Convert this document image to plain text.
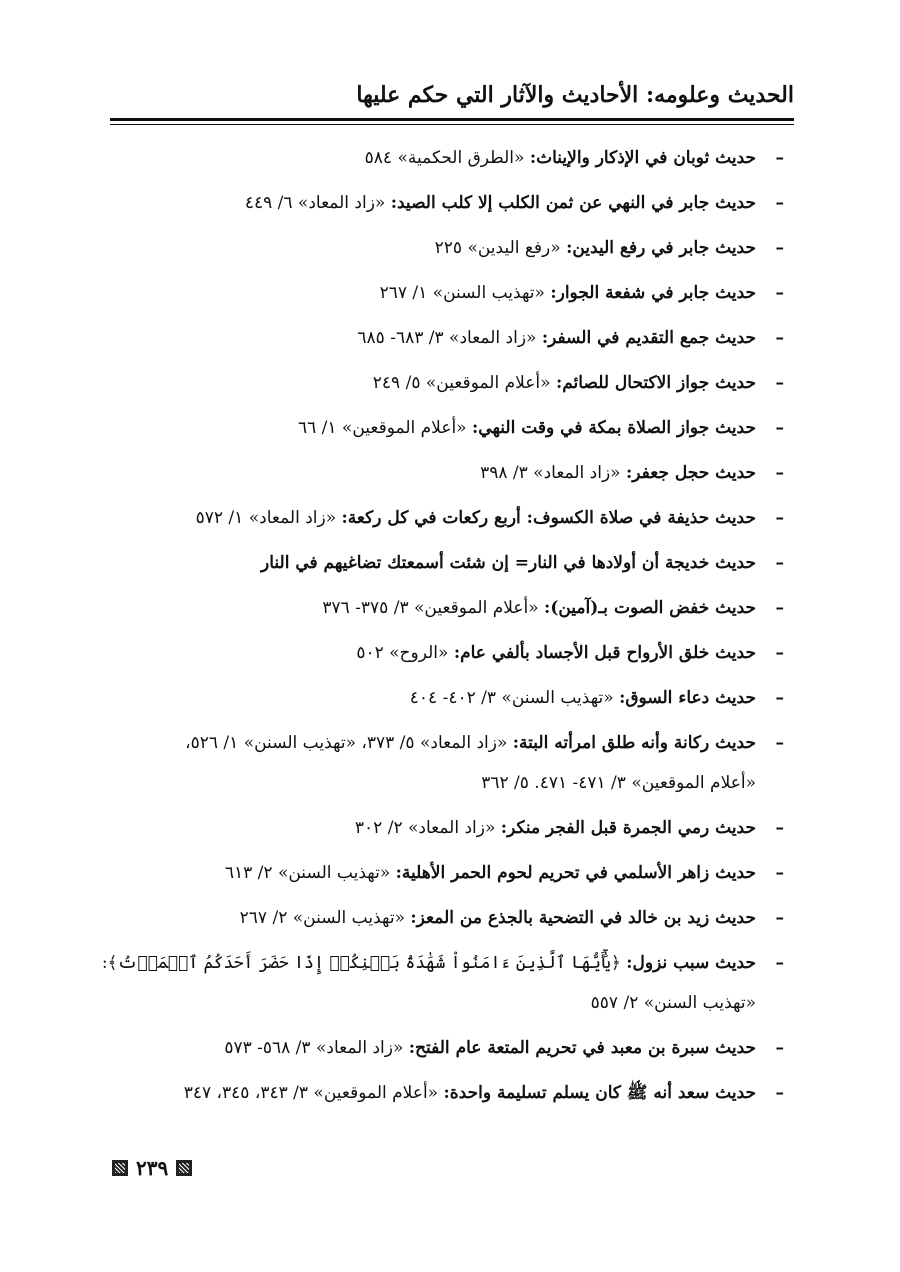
الحديث وعلومه: الأحاديث والآثار التي حكم عليها
–
حديث ثوبان في الإذكار والإيناث: «الطرق الحكمية» ٥٨٤
–
حديث جابر في النهي عن ثمن الكلب إلا كلب الصيد: «زاد المعاد» ٦/ ٤٤٩
–
حديث جابر في رفع اليدين: «رفع اليدين» ٢٢٥
–
حديث جابر في شفعة الجوار: «تهذيب السنن» ١/ ٢٦٧
–
حديث جمع التقديم في السفر: «زاد المعاد» ٣/ ٦٨٣- ٦٨٥
–
حديث جواز الاكتحال للصائم: «أعلام الموقعين» ٥/ ٢٤٩
–
حديث جواز الصلاة بمكة في وقت النهي: «أعلام الموقعين» ١/ ٦٦
–
حديث حجل جعفر: «زاد المعاد» ٣/ ٣٩٨
–
حديث حذيفة في صلاة الكسوف: أربع ركعات في كل ركعة: «زاد المعاد» ١/ ٥٧٢
–
حديث خديجة أن أولادها في النار= إن شئت أسمعتك تضاغيهم في النار
–
حديث خفض الصوت بـ(آمين): «أعلام الموقعين» ٣/ ٣٧٥- ٣٧٦
–
حديث خلق الأرواح قبل الأجساد بألفي عام: «الروح» ٥٠٢
–
حديث دعاء السوق: «تهذيب السنن» ٣/ ٤٠٢- ٤٠٤
–
حديث ركانة وأنه طلق امرأته البتة: «زاد المعاد» ٥/ ٣٧٣، «تهذيب السنن» ١/ ٥٢٦،
«أعلام الموقعين» ٣/ ٤٧١- ٤٧١. ٥/ ٣٦٢
–
حديث رمي الجمرة قبل الفجر منكر: «زاد المعاد» ٢/ ٣٠٢
–
حديث زاهر الأسلمي في تحريم لحوم الحمر الأهلية: «تهذيب السنن» ٢/ ٦١٣
–
حديث زيد بن خالد في التضحية بالجذع من المعز: «تهذيب السنن» ٢/ ٢٦٧
–
حديث سبب نزول: ﴿يَٰٓأَيُّهَا ٱلَّذِينَ ءَامَنُواْ شَهَٰدَةُ بَيۡنِكُمۡ إِذَا حَضَرَ أَحَدَكُمُ ٱلۡمَوۡتُ﴾:
«تهذيب السنن» ٢/ ٥٥٧
–
حديث سبرة بن معبد في تحريم المتعة عام الفتح: «زاد المعاد» ٣/ ٥٦٨- ٥٧٣
–
حديث سعد أنه ﷺ كان يسلم تسليمة واحدة: «أعلام الموقعين» ٣/ ٣٤٣، ٣٤٥، ٣٤٧
٢٣٩
